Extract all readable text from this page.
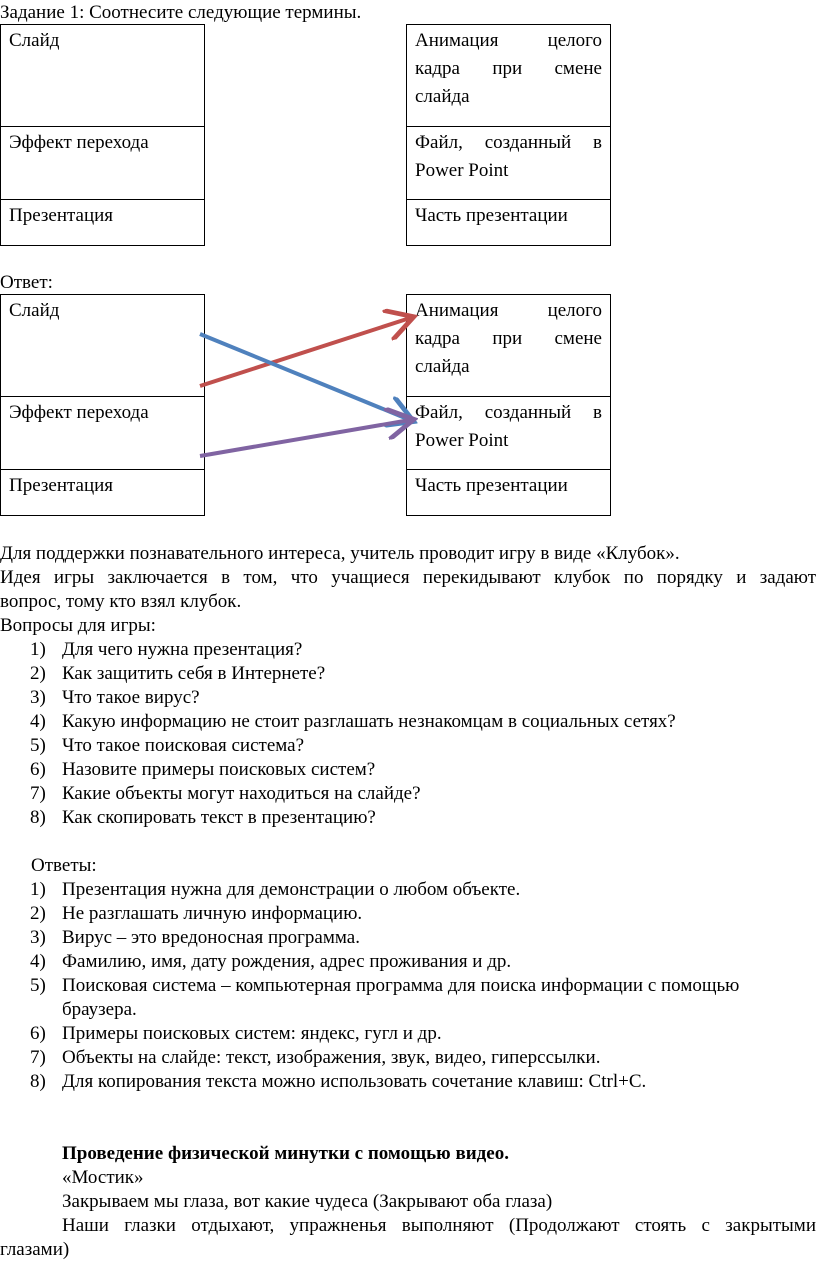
Задание 1: Соотнесите следующие термины.
Слайд
Эффект перехода
Презентация
Анимация целого
кадра при смене
слайда
Файл, созданный в
Power Point
Часть презентации
Ответ:
Слайд
Эффект перехода
Презентация
Анимация целого
кадра при смене
слайда
Файл, созданный в
Power Point
Часть презентации
Для поддержки познавательного интереса, учитель проводит игру в виде «Клубок».
Идея игры заключается в том, что учащиеся перекидывают клубок по порядку и задают
вопрос, тому кто взял клубок.
Вопросы для игры:
1) Для чего нужна презентация?
2) Как защитить себя в Интернете?
3) Что такое вирус?
4) Какую информацию не стоит разглашать незнакомцам в социальных сетях?
5) Что такое поисковая система?
6) Назовите примеры поисковых систем?
7) Какие объекты могут находиться на слайде?
8) Как скопировать текст в презентацию?
Ответы:
1) Презентация нужна для демонстрации о любом объекте.
2) Не разглашать личную информацию.
3) Вирус – это вредоносная программа.
4) Фамилию, имя, дату рождения, адрес проживания и др.
5) Поисковая система – компьютерная программа для поиска информации с помощью
браузера.
6) Примеры поисковых систем: яндекс, гугл и др.
7) Объекты на слайде: текст, изображения, звук, видео, гиперссылки.
8) Для копирования текста можно использовать сочетание клавиш: Ctrl+C.
Проведение физической минутки с помощью видео.
«Мостик»
Закрываем мы глаза, вот какие чудеса (Закрывают оба глаза)
Наши глазки отдыхают, упражненья выполняют (Продолжают стоять с закрытыми
глазами)
